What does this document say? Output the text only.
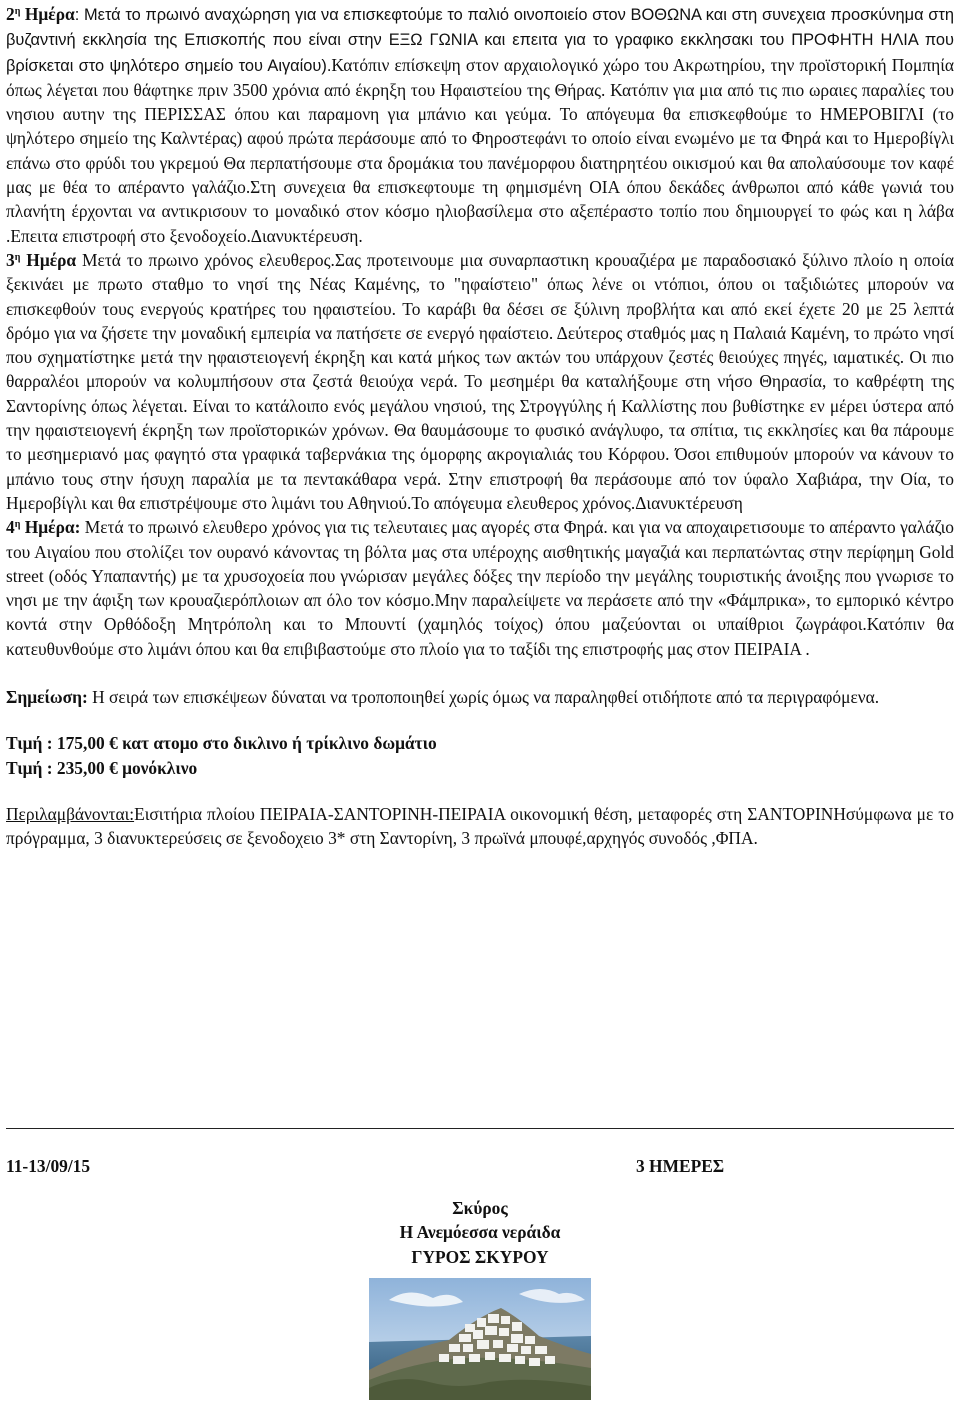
$2^\eta$ Ημέρα: Μετά το πρωινό αναχώρηση για να επισκεφτούμε το παλιό οινοποιείο στον ΒΟΘΩΝΑ και στη συνεχεια προσκύνημα στη βυζαντινή εκκλησία της Επισκοπής που είναι στην ΕΞΩ ΓΩΝΙΑ και επειτα για το γραφικο εκκλησακι του ΠΡΟΦΗΤΗ ΗΛΙΑ που βρίσκεται στο ψηλότερο σημείο του Αιγαίου).Κατόπιν επίσκεψη στον αρχαιολογικό χώρο του Ακρωτηρίου, την προϊστορική Πομπηία όπως λέγεται που θάφτηκε πριν 3500 χρόνια από έκρηξη του Ηφαιστείου της Θήρας. Κατόπιν για μια από τις πιο ωραιες παραλίες του νησιου αυτην της ΠΕΡΙΣΣΑΣ όπου και παραμονη για μπάνιο και γεύμα. Το απόγευμα θα επισκεφθούμε το ΗΜΕΡΟΒΙΓΛΙ (το ψηλότερο σημείο της Καλντέρας) αφού πρώτα περάσουμε από το Φηροστεφάνι το οποίο είναι ενωμένο με τα Φηρά και το Ημεροβίγλι επάνω στο φρύδι του γκρεμού Θα περπατήσουμε στα δρομάκια του πανέμορφου διατηρητέου οικισμού και θα απολαύσουμε τον καφέ μας με θέα το απέραντο γαλάζιο.Στη συνεχεια θα επισκεφτουμε τη φημισμένη ΟΙΑ όπου δεκάδες άνθρωποι από κάθε γωνιά του πλανήτη έρχονται να αντικρισουν το μοναδικό στον κόσμο ηλιοβασίλεμα στο αξεπέραστο τοπίο που δημιουργεί το φώς και η λάβα .Επειτα επιστροφή στο ξενοδοχείο.Διανυκτέρευση.

$3^\eta$ Ημέρα Μετά το πρωινο χρόνος ελευθερος.Σας προτεινουμε μια συναρπαστικη κρουαζιέρα με παραδοσιακό ξύλινο πλοίο η οποία ξεκινάει με πρωτο σταθμο το νησί της Νέας Καμένης, το "ηφαίστειο" όπως λένε οι ντόπιοι, όπου οι ταξιδιώτες μπορούν να επισκεφθούν τους ενεργούς κρατήρες του ηφαιστείου. Το καράβι θα δέσει σε ξύλινη προβλήτα και από εκεί έχετε 20 με 25 λεπτά δρόμο για να ζήσετε την μοναδική εμπειρία να πατήσετε σε ενεργό ηφαίστειο. Δεύτερος σταθμός μας η Παλαιά Καμένη, το πρώτο νησί που σχηματίστηκε μετά την ηφαιστειογενή έκρηξη και κατά μήκος των ακτών του υπάρχουν ζεστές θειούχες πηγές, ιαματικές. Οι πιο θαρραλέοι μπορούν να κολυμπήσουν στα ζεστά θειούχα νερά. Το μεσημέρι θα καταλήξουμε στη νήσο Θηρασία, το καθρέφτη της Σαντορίνης όπως λέγεται. Είναι το κατάλοιπο ενός μεγάλου νησιού, της Στρογγύλης ή Καλλίστης που βυθίστηκε εν μέρει ύστερα από την ηφαιστειογενή έκρηξη των προϊστορικών χρόνων. Θα θαυμάσουμε το φυσικό ανάγλυφο, τα σπίτια, τις εκκλησίες και θα πάρουμε το μεσημεριανό μας φαγητό στα γραφικά ταβερνάκια της όμορφης ακρογιαλιάς του Κόρφου. Όσοι επιθυμούν μπορούν να κάνουν το μπάνιο τους στην ήσυχη παραλία με τα πεντακάθαρα νερά. Στην επιστροφή θα περάσουμε από τον ύφαλο Χαβιάρα, την Οία, το Ημεροβίγλι και θα επιστρέψουμε στο λιμάνι του Αθηνιού.Το απόγευμα ελευθερος χρόνος.Διανυκτέρευση

$4^\eta$ Ημέρα: Μετά το πρωινό ελευθερο χρόνος για τις τελευταιες μας αγορές στα Φηρά. και για να αποχαιρετισουμε το απέραντο γαλάζιο του Αιγαίου που στολίζει τον ουρανό κάνοντας τη βόλτα μας στα υπέροχης αισθητικής μαγαζιά και περπατώντας στην περίφημη Gold street (οδός Υπαπαντής) με τα χρυσοχοεία που γνώρισαν μεγάλες δόξες την περίοδο την μεγάλης τουριστικής άνοιξης που γνωρισε το νησι με την άφιξη των κρουαζιερόπλοιων απ όλο τον κόσμο.Μην παραλείψετε να περάσετε από την «Φάμπρικα», το εμπορικό κέντρο κοντά στην Ορθόδοξη Μητρόπολη και το Μπουντί (χαμηλός τοίχος) όπου μαζεύονται οι υπαίθριοι ζωγράφοι.Κατόπιν θα κατευθυνθούμε στο λιμάνι όπου και θα επιβιβαστούμε στο πλοίο για το ταξίδι της επιστροφής μας στον ΠΕΙΡΑΙΑ .

Σημείωση: Η σειρά των επισκέψεων δύναται να τροποποιηθεί χωρίς όμως να παραληφθεί οτιδήποτε από τα περιγραφόμενα.

Τιμή : 175,00 € κατ ατομο στο δικλινο ή τρίκλινο δωμάτιο
Τιμή : 235,00 € μονόκλινο

Περιλαμβάνονται:Εισιτήρια πλοίου ΠΕΙΡΑΙΑ-ΣΑΝΤΟΡΙΝΗ-ΠΕΙΡΑΙΑ οικονομική θέση, μεταφορές στη ΣΑΝΤΟΡΙΝΗσύμφωνα με το πρόγραμμα, 3 διανυκτερεύσεις σε ξενοδοχειο 3* στη Σαντορίνη, 3 πρωϊνά μπουφέ,αρχηγός συνοδός ,ΦΠΑ.

11-13/09/15	3 ΗΜΕΡΕΣ
Σκύρος
Η Ανεμόεσσα νεράιδα
ΓΥΡΟΣ ΣΚΥΡΟΥ
